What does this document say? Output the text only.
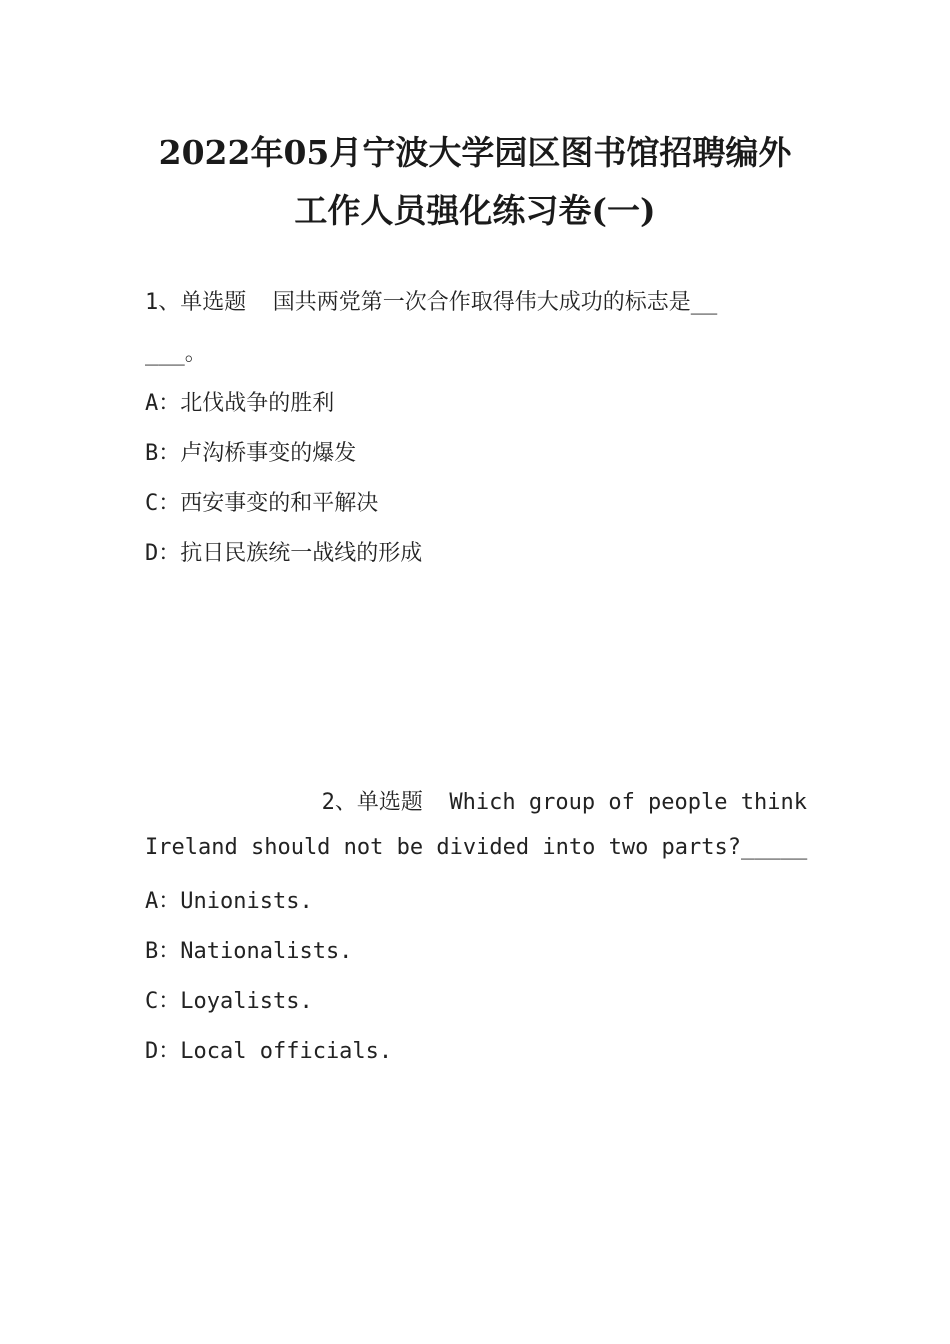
2022年05月宁波大学园区图书馆招聘编外
工作人员强化练习卷(一)
1、单选题  国共两党第一次合作取得伟大成功的标志是__
___。
A：北伐战争的胜利
B：卢沟桥事变的爆发
C：西安事变的和平解决
D：抗日民族统一战线的形成
2、单选题  Which group of people think
Ireland should not be divided into two parts?_____
A：Unionists.
B：Nationalists.
C：Loyalists.
D：Local officials.
